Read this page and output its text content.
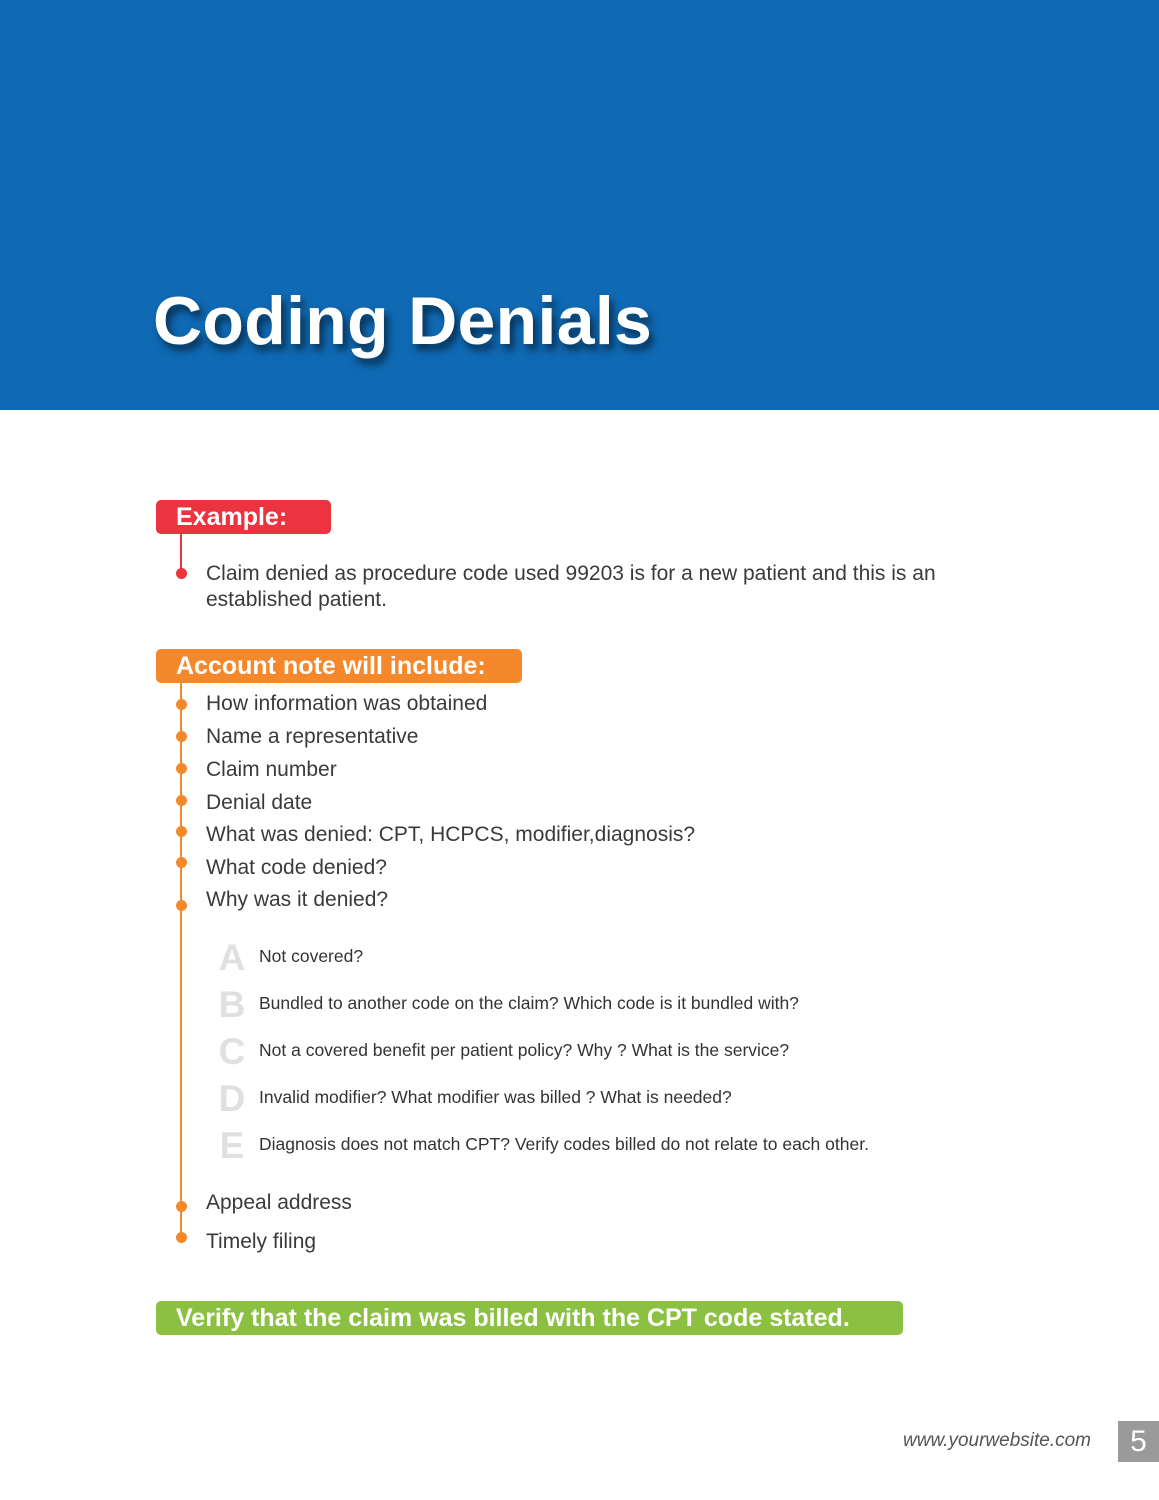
Coding Denials
Example:

Claim denied as procedure code used 99203 is for a new patient and this is an established patient.

Account note will include:
How information was obtained
Name a representative
Claim number
Denial date
What was denied: CPT, HCPCS, modifier,diagnosis?
What code denied?
Why was it denied?
A Not covered?
B Bundled to another code on the claim? Which code is it bundled with?
C Not a covered benefit per patient policy? Why ? What is the service?
D Invalid modifier? What modifier was billed ? What is needed?
E Diagnosis does not match CPT? Verify codes billed do not relate to each other.
Appeal address
Timely filing
Verify that the claim was billed with the CPT code stated.
www.yourwebsite.com	5
